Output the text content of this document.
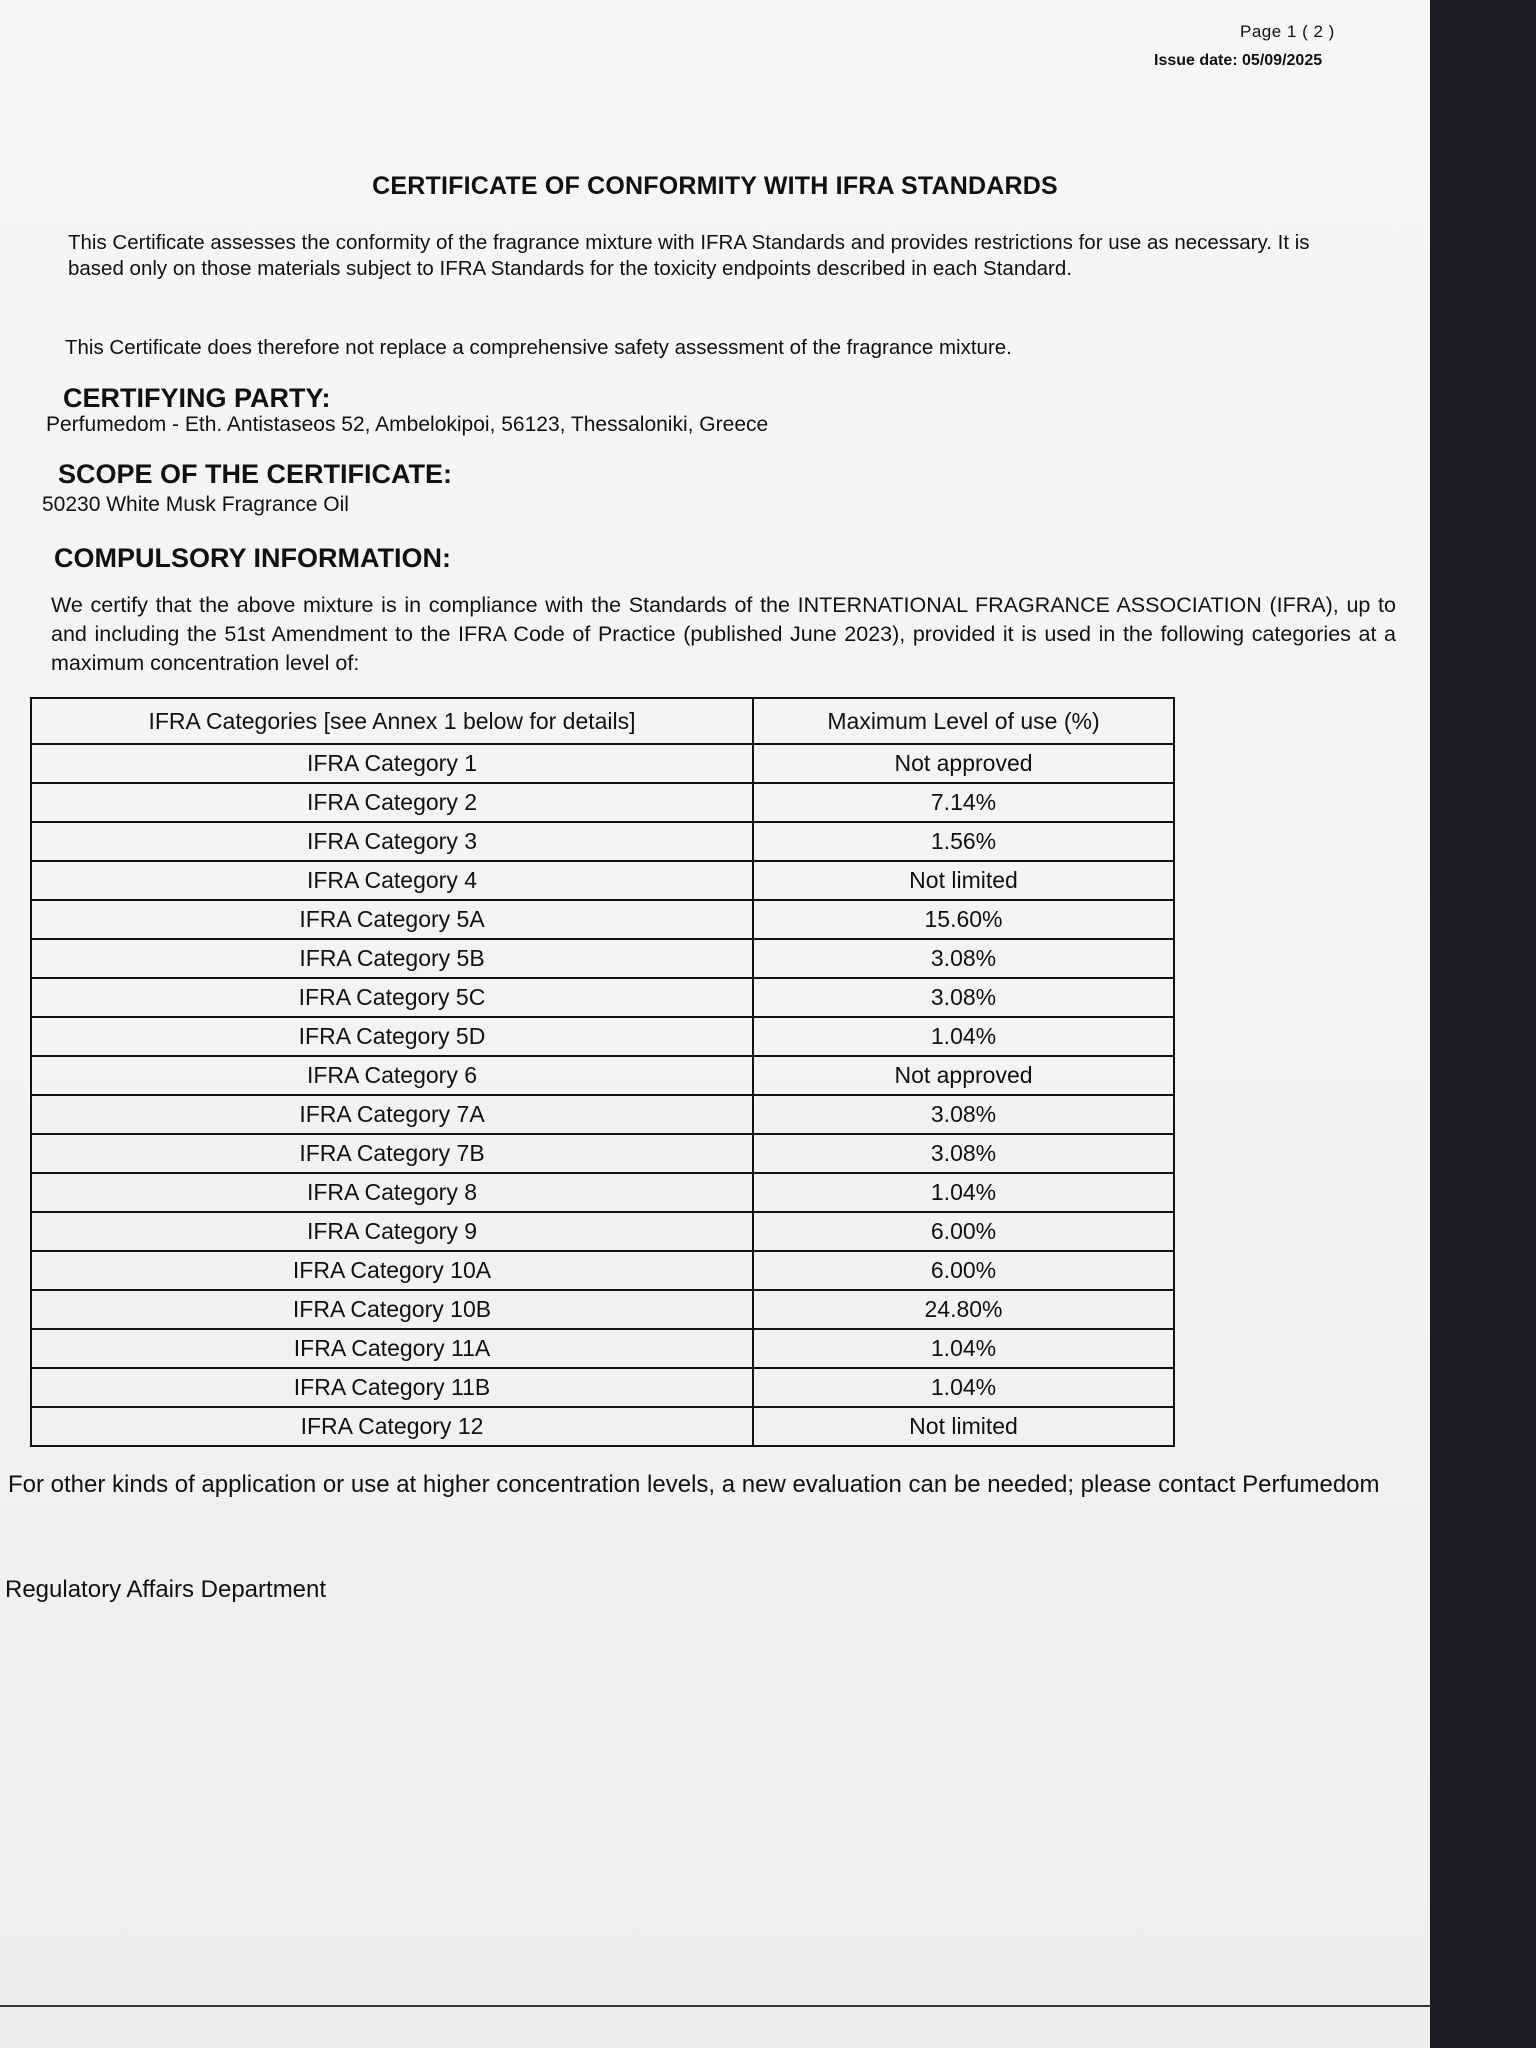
Page 1 ( 2 )
Issue date: 05/09/2025
CERTIFICATE OF CONFORMITY WITH IFRA STANDARDS
This Certificate assesses the conformity of the fragrance mixture with IFRA Standards and provides restrictions for use as necessary. It is based only on those materials subject to IFRA Standards for the toxicity endpoints described in each Standard.
This Certificate does therefore not replace a comprehensive safety assessment of the fragrance mixture.
CERTIFYING PARTY:
Perfumedom - Eth. Antistaseos 52, Ambelokipoi, 56123, Thessaloniki, Greece
SCOPE OF THE CERTIFICATE:
50230 White Musk Fragrance Oil
COMPULSORY INFORMATION:
We certify that the above mixture is in compliance with the Standards of the INTERNATIONAL FRAGRANCE ASSOCIATION (IFRA), up to and including the 51st Amendment to the IFRA Code of Practice (published June 2023), provided it is used in the following categories at a maximum concentration level of:
IFRA Categories [see Annex 1 below for details]	Maximum Level of use (%)
IFRA Category 1	Not approved
IFRA Category 2	7.14%
IFRA Category 3	1.56%
IFRA Category 4	Not limited
IFRA Category 5A	15.60%
IFRA Category 5B	3.08%
IFRA Category 5C	3.08%
IFRA Category 5D	1.04%
IFRA Category 6	Not approved
IFRA Category 7A	3.08%
IFRA Category 7B	3.08%
IFRA Category 8	1.04%
IFRA Category 9	6.00%
IFRA Category 10A	6.00%
IFRA Category 10B	24.80%
IFRA Category 11A	1.04%
IFRA Category 11B	1.04%
IFRA Category 12	Not limited
For other kinds of application or use at higher concentration levels, a new evaluation can be needed; please contact Perfumedom
Regulatory Affairs Department
